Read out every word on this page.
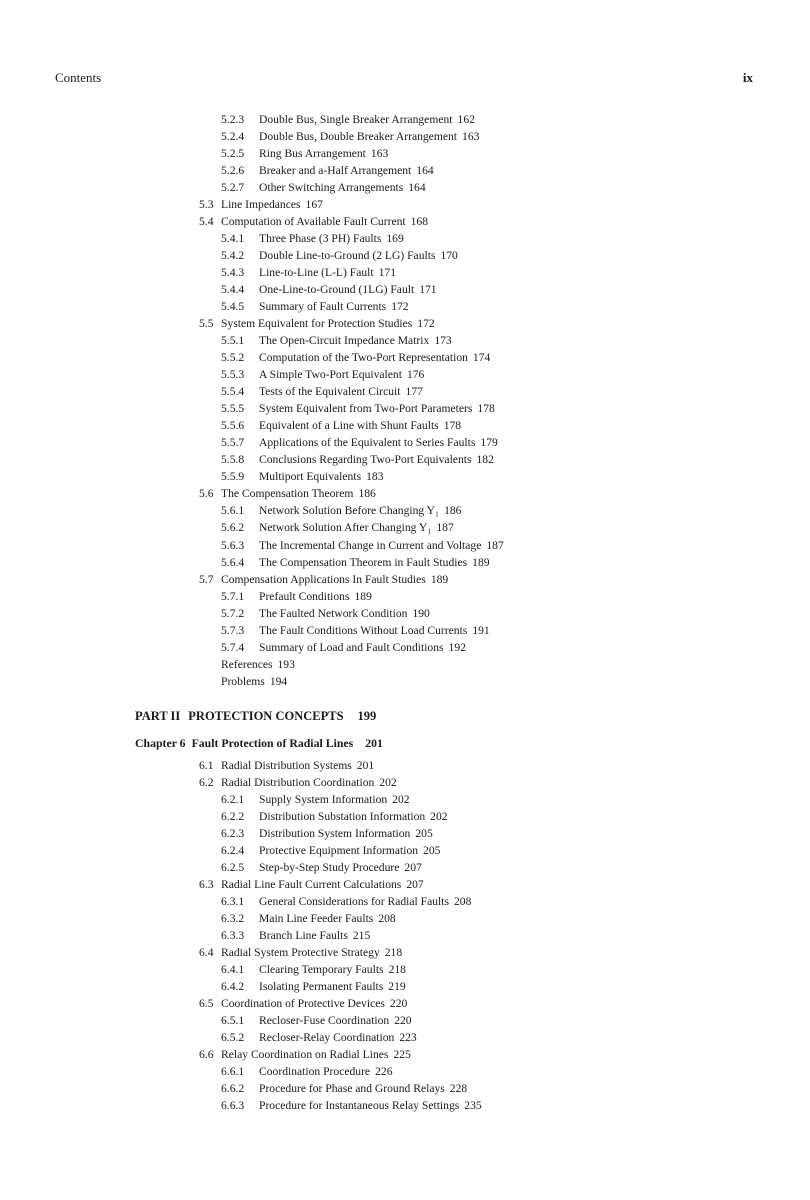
Contents	ix
5.2.3 Double Bus, Single Breaker Arrangement 162
5.2.4 Double Bus, Double Breaker Arrangement 163
5.2.5 Ring Bus Arrangement 163
5.2.6 Breaker and a-Half Arrangement 164
5.2.7 Other Switching Arrangements 164
5.3 Line Impedances 167
5.4 Computation of Available Fault Current 168
5.4.1 Three Phase (3 PH) Faults 169
5.4.2 Double Line-to-Ground (2 LG) Faults 170
5.4.3 Line-to-Line (L-L) Fault 171
5.4.4 One-Line-to-Ground (1LG) Fault 171
5.4.5 Summary of Fault Currents 172
5.5 System Equivalent for Protection Studies 172
5.5.1 The Open-Circuit Impedance Matrix 173
5.5.2 Computation of the Two-Port Representation 174
5.5.3 A Simple Two-Port Equivalent 176
5.5.4 Tests of the Equivalent Circuit 177
5.5.5 System Equivalent from Two-Port Parameters 178
5.5.6 Equivalent of a Line with Shunt Faults 178
5.5.7 Applications of the Equivalent to Series Faults 179
5.5.8 Conclusions Regarding Two-Port Equivalents 182
5.5.9 Multiport Equivalents 183
5.6 The Compensation Theorem 186
5.6.1 Network Solution Before Changing Y₁ 186
5.6.2 Network Solution After Changing Y₁ 187
5.6.3 The Incremental Change in Current and Voltage 187
5.6.4 The Compensation Theorem in Fault Studies 189
5.7 Compensation Applications In Fault Studies 189
5.7.1 Prefault Conditions 189
5.7.2 The Faulted Network Condition 190
5.7.3 The Fault Conditions Without Load Currents 191
5.7.4 Summary of Load and Fault Conditions 192
References 193
Problems 194
PART II PROTECTION CONCEPTS 199
Chapter 6 Fault Protection of Radial Lines 201
6.1 Radial Distribution Systems 201
6.2 Radial Distribution Coordination 202
6.2.1 Supply System Information 202
6.2.2 Distribution Substation Information 202
6.2.3 Distribution System Information 205
6.2.4 Protective Equipment Information 205
6.2.5 Step-by-Step Study Procedure 207
6.3 Radial Line Fault Current Calculations 207
6.3.1 General Considerations for Radial Faults 208
6.3.2 Main Line Feeder Faults 208
6.3.3 Branch Line Faults 215
6.4 Radial System Protective Strategy 218
6.4.1 Clearing Temporary Faults 218
6.4.2 Isolating Permanent Faults 219
6.5 Coordination of Protective Devices 220
6.5.1 Recloser-Fuse Coordination 220
6.5.2 Recloser-Relay Coordination 223
6.6 Relay Coordination on Radial Lines 225
6.6.1 Coordination Procedure 226
6.6.2 Procedure for Phase and Ground Relays 228
6.6.3 Procedure for Instantaneous Relay Settings 235
